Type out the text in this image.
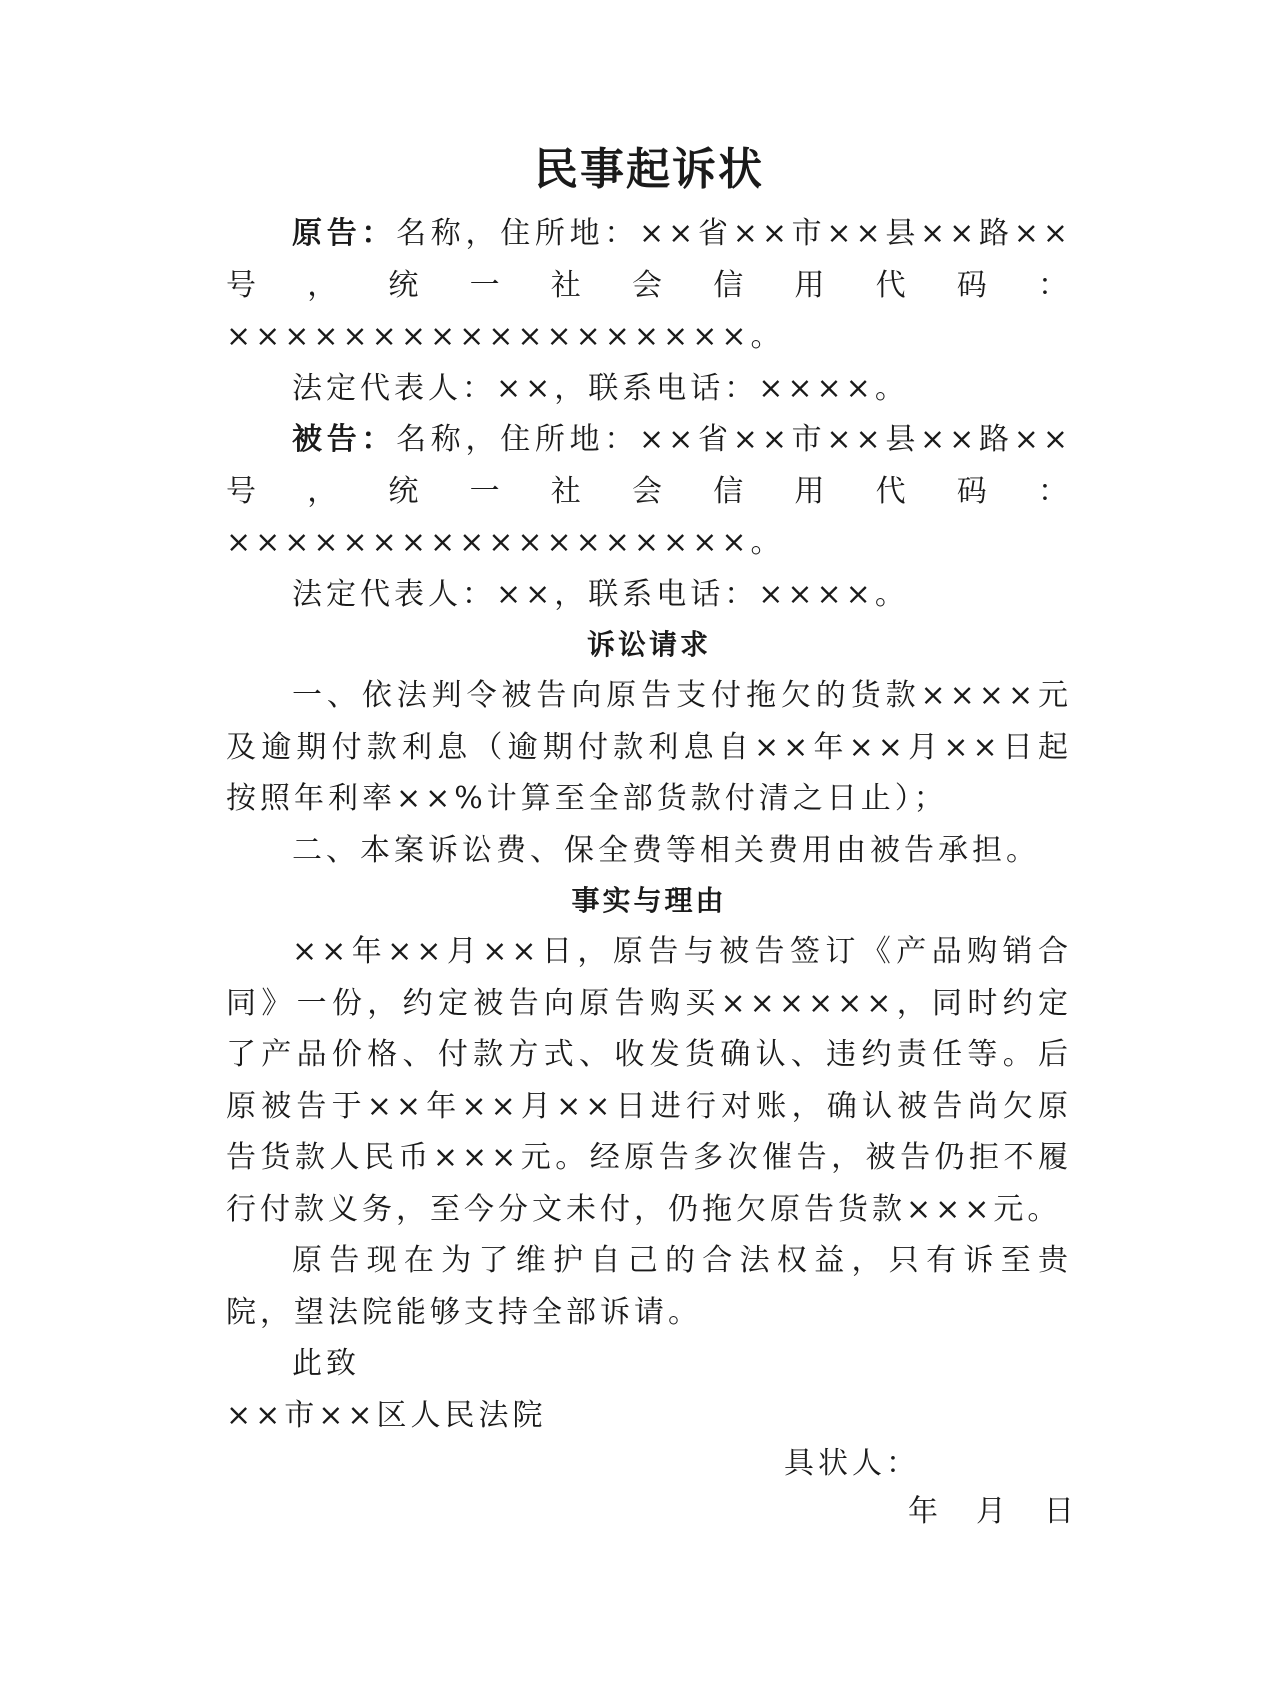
民事起诉状

原告：名称，住所地：××省××市××县××路××号，统一社会信用代码：××××××××××××××××××。

法定代表人：××，联系电话：××××。

被告：名称，住所地：××省××市××县××路××号，统一社会信用代码：××××××××××××××××××。

法定代表人：××，联系电话：××××。

诉讼请求

一、依法判令被告向原告支付拖欠的货款××××元及逾期付款利息（逾期付款利息自××年××月××日起按照年利率××%计算至全部货款付清之日止）；

二、本案诉讼费、保全费等相关费用由被告承担。

事实与理由

××年××月××日，原告与被告签订《产品购销合同》一份，约定被告向原告购买××××××，同时约定了产品价格、付款方式、收发货确认、违约责任等。后原被告于××年××月××日进行对账，确认被告尚欠原告货款人民币×××元。经原告多次催告，被告仍拒不履行付款义务，至今分文未付，仍拖欠原告货款×××元。

原告现在为了维护自己的合法权益，只有诉至贵院，望法院能够支持全部诉请。

此致

××市××区人民法院

具状人：
年 月 日
